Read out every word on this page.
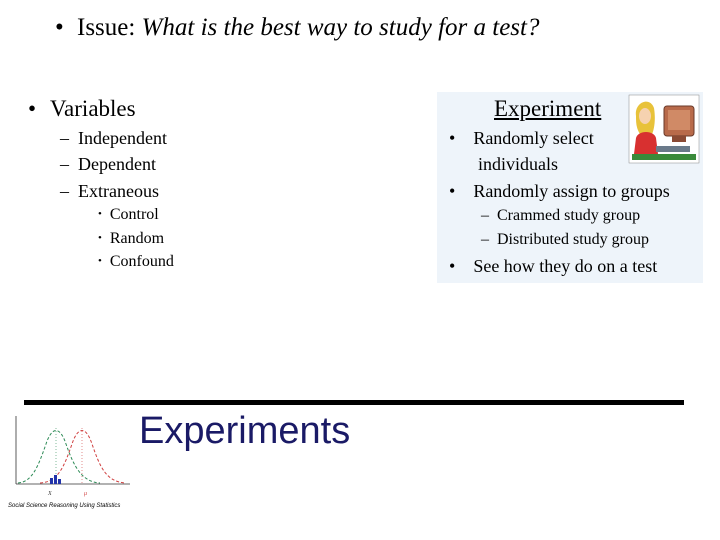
• Issue: What is the best way to study for a test?
• Variables
–  Independent
–  Dependent
–  Extraneous
• Control
• Random
• Confound
Experiment
•    Randomly select
individuals
•    Randomly assign to groups
–  Crammed study group
–  Distributed study group
•    See how they do on a test
Experiments
X	μ
Social Science Reasoning Using Statistics
